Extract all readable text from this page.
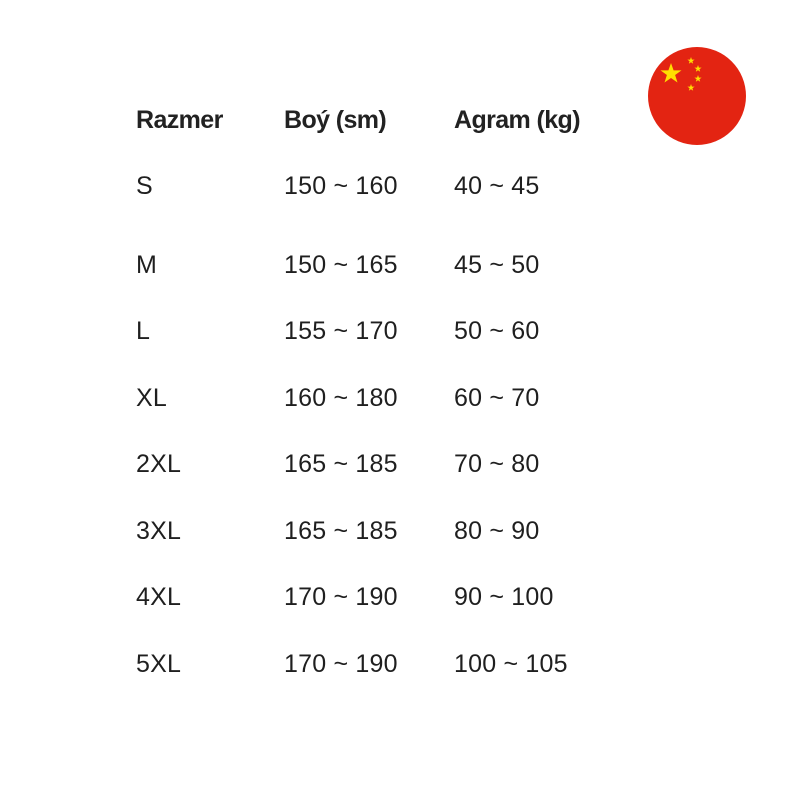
Razmer	Boý (sm)	Agram (kg)
S	150 ~ 160	40 ~ 45
M	150 ~ 165	45 ~ 50
L	155 ~ 170	50 ~ 60
XL	160 ~ 180	60 ~ 70
2XL	165 ~ 185	70 ~ 80
3XL	165 ~ 185	80 ~ 90
4XL	170 ~ 190	90 ~ 100
5XL	170 ~ 190	100 ~ 105
